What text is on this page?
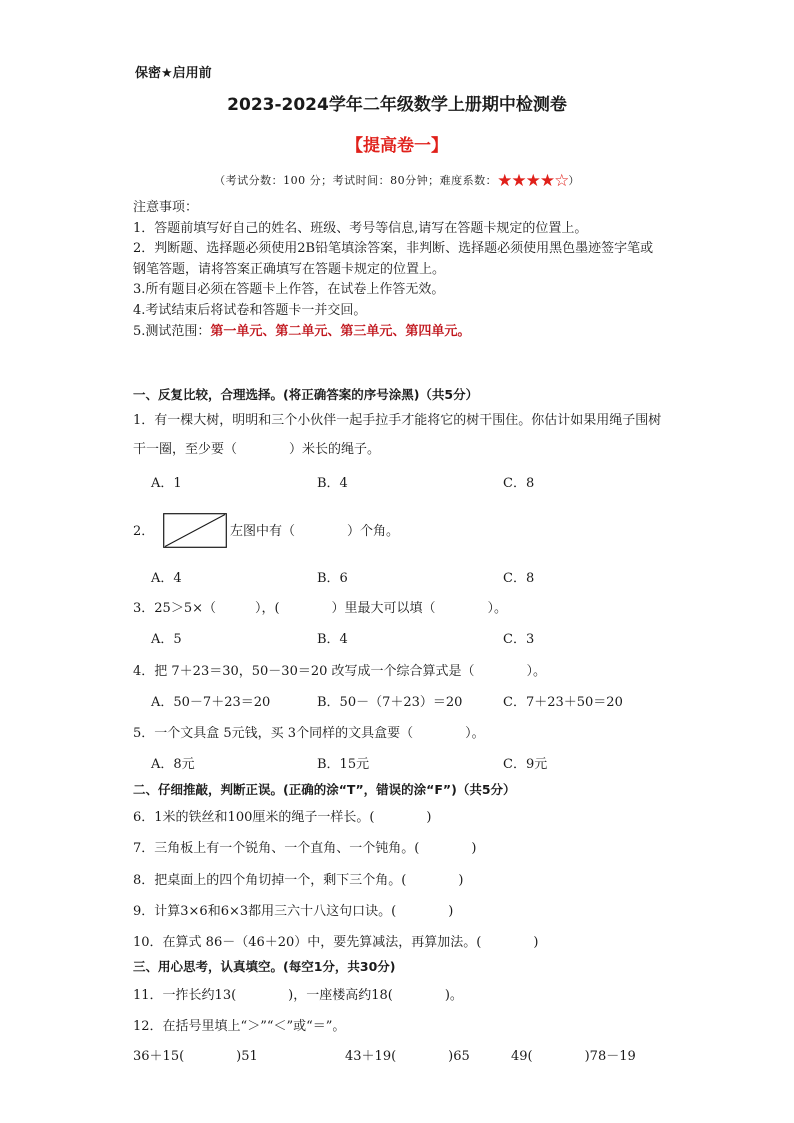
保密★启用前
2023-2024学年二年级数学上册期中检测卷
【提高卷一】
（考试分数：100 分；考试时间：80分钟；难度系数：★★★★☆）
注意事项：
1．答题前填写好自己的姓名、班级、考号等信息,请写在答题卡规定的位置上。
2．判断题、选择题必须使用2B铅笔填涂答案，非判断、选择题必须使用黑色墨迹签字笔或钢笔答题，请将答案正确填写在答题卡规定的位置上。
3.所有题目必须在答题卡上作答，在试卷上作答无效。
4.考试结束后将试卷和答题卡一并交回。
5.测试范围：第一单元、第二单元、第三单元、第四单元。
一、反复比较，合理选择。(将正确答案的序号涂黑)（共5分）
1．有一棵大树，明明和三个小伙伴一起手拉手才能将它的树干围住。你估计如果用绳子围树干一圈，至少要（　　　　）米长的绳子。
A．1	B．4	C．8
2．	左图中有（　　　　）个角。
A．4	B．6	C．8
3．25＞5×（　　　），(　　　　）里最大可以填（　　　　）。
A．5	B．4	C．3
4．把 7＋23＝30，50－30＝20 改写成一个综合算式是（　　　　）。
A．50－7＋23＝20	B．50－（7＋23）＝20	C．7＋23＋50＝20
5．一个文具盒 5元钱，买 3个同样的文具盒要（　　　　）。
A．8元	B．15元	C．9元
二、仔细推敲，判断正误。(正确的涂“T”，错误的涂“F”)（共5分）
6．1米的铁丝和100厘米的绳子一样长。(　　　　)
7．三角板上有一个锐角、一个直角、一个钝角。(　　　　)
8．把桌面上的四个角切掉一个，剩下三个角。(　　　　)
9．计算3×6和6×3都用三六十八这句口诀。(　　　　)
10．在算式 86－（46＋20）中，要先算减法，再算加法。(　　　　)
三、用心思考，认真填空。(每空1分，共30分)
11．一拃长约13(　　　　)，一座楼高约18(　　　　)。
12．在括号里填上“＞”“＜”或“＝”。
36＋15(　　　　)51	43＋19(　　　　)65	49(　　　　)78－19
